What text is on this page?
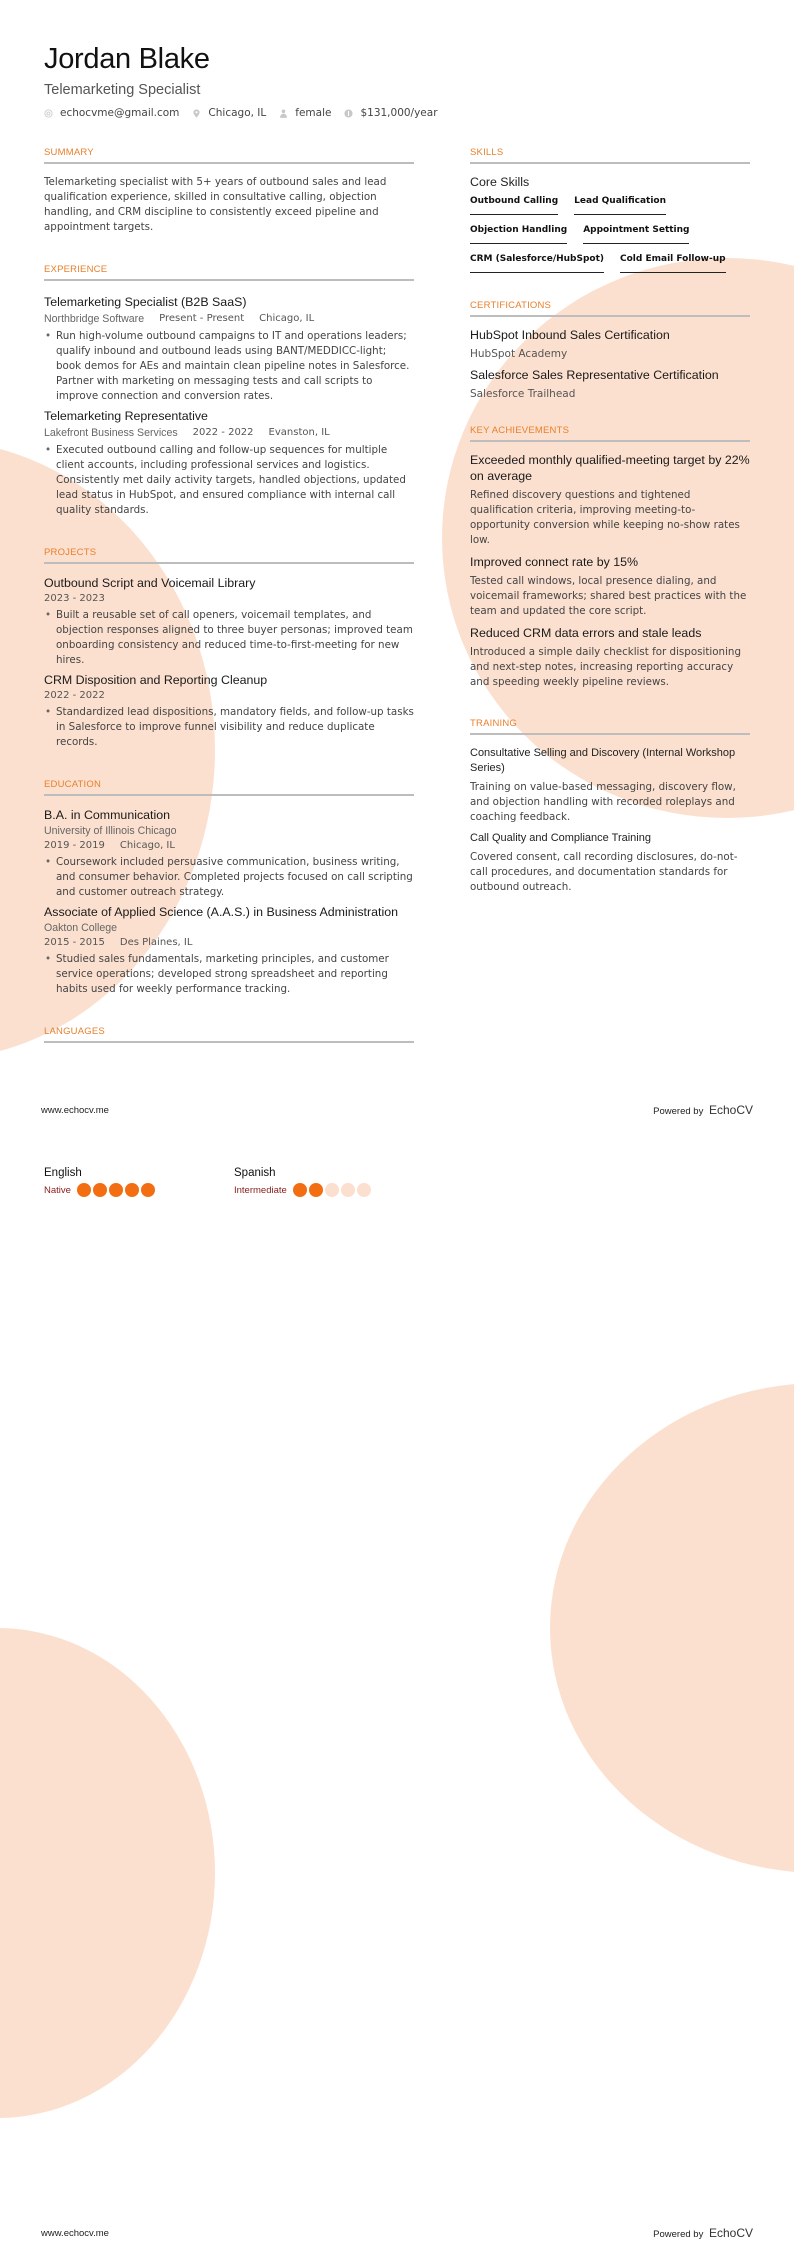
Jordan Blake
Telemarketing Specialist
echocvme@gmail.com	Chicago, IL	female	$131,000/year
SUMMARY

Telemarketing specialist with 5+ years of outbound sales and lead qualification experience, skilled in consultative calling, objection handling, and CRM discipline to consistently exceed pipeline and appointment targets.

EXPERIENCE
Telemarketing Specialist (B2B SaaS)
Northbridge Software Present - Present Chicago, IL
• Run high-volume outbound campaigns to IT and operations leaders; qualify inbound and outbound leads using BANT/MEDDICC-light; book demos for AEs and maintain clean pipeline notes in Salesforce. Partner with marketing on messaging tests and call scripts to improve connection and conversion rates.
Telemarketing Representative
Lakefront Business Services 2022 - 2022 Evanston, IL
• Executed outbound calling and follow-up sequences for multiple client accounts, including professional services and logistics. Consistently met daily activity targets, handled objections, updated lead status in HubSpot, and ensured compliance with internal call quality standards.
PROJECTS
Outbound Script and Voicemail Library
2023 - 2023
• Built a reusable set of call openers, voicemail templates, and objection responses aligned to three buyer personas; improved team onboarding consistency and reduced time-to-first-meeting for new hires.
CRM Disposition and Reporting Cleanup
2022 - 2022
• Standardized lead dispositions, mandatory fields, and follow-up tasks in Salesforce to improve funnel visibility and reduce duplicate records.
EDUCATION
B.A. in Communication
University of Illinois Chicago
2019 - 2019 Chicago, IL
• Coursework included persuasive communication, business writing, and consumer behavior. Completed projects focused on call scripting and customer outreach strategy.
Associate of Applied Science (A.A.S.) in Business Administration
Oakton College
2015 - 2015 Des Plaines, IL
• Studied sales fundamentals, marketing principles, and customer service operations; developed strong spreadsheet and reporting habits used for weekly performance tracking.
LANGUAGES
SKILLS
Core Skills
Outbound Calling Lead Qualification
Objection Handling Appointment Setting
CRM (Salesforce/HubSpot) Cold Email Follow-up
CERTIFICATIONS
HubSpot Inbound Sales Certification
HubSpot Academy
Salesforce Sales Representative Certification
Salesforce Trailhead
KEY ACHIEVEMENTS
Exceeded monthly qualified-meeting target by 22% on average
Refined discovery questions and tightened qualification criteria, improving meeting-to-opportunity conversion while keeping no-show rates low.
Improved connect rate by 15%
Tested call windows, local presence dialing, and voicemail frameworks; shared best practices with the team and updated the core script.
Reduced CRM data errors and stale leads
Introduced a simple daily checklist for dispositioning and next-step notes, increasing reporting accuracy and speeding weekly pipeline reviews.
TRAINING
Consultative Selling and Discovery (Internal Workshop Series)
Training on value-based messaging, discovery flow, and objection handling with recorded roleplays and coaching feedback.
Call Quality and Compliance Training
Covered consent, call recording disclosures, do-not-call procedures, and documentation standards for outbound outreach.
www.echocv.me	Powered by EchoCV
English
Native
Spanish
Intermediate
www.echocv.me	Powered by EchoCV
